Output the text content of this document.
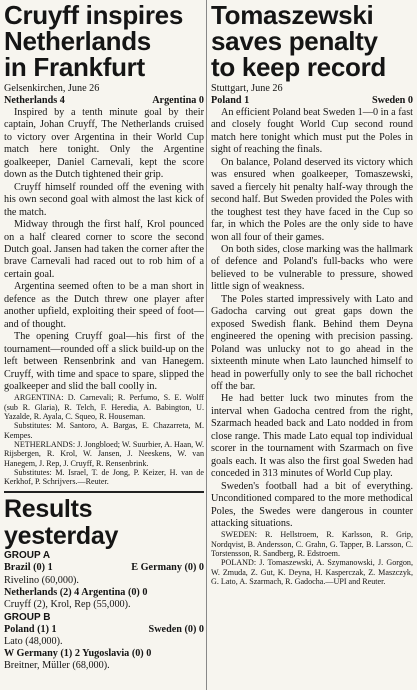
Cruyff inspires
Netherlands
in Frankfurt
Gelsenkirchen, June 26
Netherlands 4	Argentina 0

Inspired by a tenth minute goal by their captain, Johan Cruyff, The Netherlands cruised to victory over Argentina in their World Cup match here tonight. Only the Argentine goalkeeper, Daniel Carnevali, kept the score down as the Dutch tightened their grip.

Cruyff himself rounded off the evening with his own second goal with almost the last kick of the match.

Midway through the first half, Krol pounced on a half cleared corner to score the second Dutch goal. Jansen had taken the corner after the brave Carnevali had raced out to rob him of a certain goal.

Argentina seemed often to be a man short in defence as the Dutch threw one player after another upfield, exploiting their speed of foot—and of thought.

The opening Cruyff goal—his first of the tournament—rounded off a slick build-up on the left between Rensenbrink and van Hanegem. Cruyff, with time and space to spare, slipped the goalkeeper and slid the ball coolly in.

ARGENTINA: D. Carnevali; R. Perfumo, S. E. Wolff (sub R. Glaria), R. Telch, F. Heredia, A. Babington, U. Yazalde, R. Ayala, C. Squeo, R. Houseman.

Substitutes: M. Santoro, A. Bargas, E. Chazarreta, M. Kempes.

NETHERLANDS: J. Jongbloed; W. Suurbier, A. Haan, W. Rijsbergen, R. Krol, W. Jansen, J. Neeskens, W. van Hanegem, J. Rep, J. Cruyff, R. Rensenbrink.

Substitutes: M. Israel, T. de Jong, P. Keizer, H. van de Kerkhof, P. Schrijvers.—Reuter.

Results yesterday
GROUP A
Brazil (0) 1	E Germany (0) 0
Rivelino (60,000).
Netherlands (2) 4 Argentina (0) 0
Cruyff (2), Krol, Rep (55,000).
GROUP B
Poland (1) 1	Sweden (0) 0
Lato (48,000).
W Germany (1) 2 Yugoslavia (0) 0
Breitner, Müller (68,000).
Tomaszewski
saves penalty
to keep record
Stuttgart, June 26
Poland 1	Sweden 0

An efficient Poland beat Sweden 1—0 in a fast and closely fought World Cup second round match here tonight which must put the Poles in sight of reaching the finals.

On balance, Poland deserved its victory which was ensured when goalkeeper, Tomaszewski, saved a fiercely hit penalty half-way through the second half. But Sweden provided the Poles with the toughest test they have faced in the Cup so far, in which the Poles are the only side to have won all four of their games.

On both sides, close marking was the hallmark of defence and Poland's full-backs who were believed to be vulnerable to pressure, showed little sign of weakness.

The Poles started impressively with Lato and Gadocha carving out great gaps down the exposed Swedish flank. Behind them Deyna engineered the opening with precision passing. Poland was unlucky not to go ahead in the sixteenth minute when Lato launched himself to head in powerfully only to see the ball richochet off the bar.

He had better luck two minutes from the interval when Gadocha centred from the right, Szarmach headed back and Lato nodded in from close range. This made Lato equal top individual scorer in the tournament with Szarmach on five goals each. It was also the first goal Sweden had conceded in 313 minutes of World Cup play.

Sweden's football had a bit of everything. Unconditioned compared to the more methodical Poles, the Swedes were dangerous in counter attacking situations.

SWEDEN: R. Hellstroem, R. Karlsson, R. Grip, Nordqvist, B. Andersson, C. Grahn, G. Tapper, B. Larsson, C. Torstensson, R. Sandberg, R. Edstroem.

POLAND: J. Tomaszewski, A. Szymanowski, J. Gorgon, W. Zmuda, Z. Gut, K. Deyna, H. Kasperczak, Z. Maszczyk, G. Lato, A. Szarmach, R. Gadocha.—UPI and Reuter.
